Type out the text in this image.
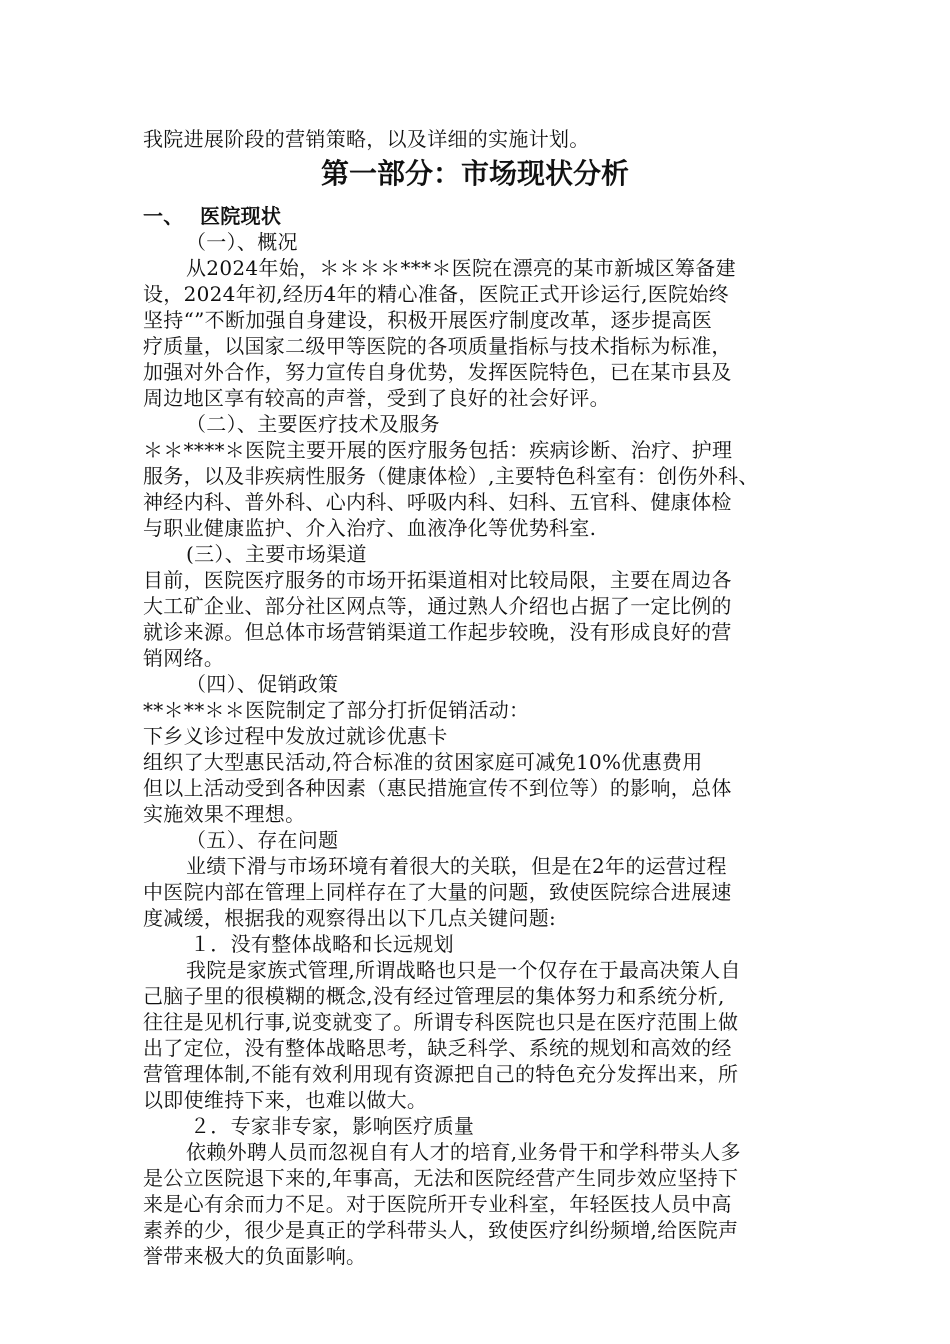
我院进展阶段的营销策略，以及详细的实施计划。
第一部分：市场现状分析
一、 医院现状
（一）、概况
从2024年始，＊＊＊＊***＊医院在漂亮的某市新城区筹备建
设，2024年初,经历4年的精心准备，医院正式开诊运行,医院始终
坚持“”不断加强自身建设，积极开展医疗制度改革，逐步提高医
疗质量，以国家二级甲等医院的各项质量指标与技术指标为标准，
加强对外合作，努力宣传自身优势，发挥医院特色，已在某市县及
周边地区享有较高的声誉，受到了良好的社会好评。
（二）、主要医疗技术及服务
＊＊****＊医院主要开展的医疗服务包括：疾病诊断、治疗、护理
服务，以及非疾病性服务（健康体检）,主要特色科室有：创伤外科、
神经内科、普外科、心内科、呼吸内科、妇科、五官科、健康体检
与职业健康监护、介入治疗、血液净化等优势科室.
(三）、主要市场渠道
目前，医院医疗服务的市场开拓渠道相对比较局限，主要在周边各
大工矿企业、部分社区网点等，通过熟人介绍也占据了一定比例的
就诊来源。但总体市场营销渠道工作起步较晚，没有形成良好的营
销网络。
（四）、促销政策
**＊**＊＊医院制定了部分打折促销活动：
下乡义诊过程中发放过就诊优惠卡
组织了大型惠民活动,符合标准的贫困家庭可减免10%优惠费用
但以上活动受到各种因素（惠民措施宣传不到位等）的影响，总体
实施效果不理想。
（五）、存在问题
业绩下滑与市场环境有着很大的关联，但是在2年的运营过程
中医院内部在管理上同样存在了大量的问题，致使医院综合进展速
度减缓，根据我的观察得出以下几点关键问题:
１．没有整体战略和长远规划
我院是家族式管理,所谓战略也只是一个仅存在于最高决策人自
己脑子里的很模糊的概念,没有经过管理层的集体努力和系统分析,
往往是见机行事,说变就变了。所谓专科医院也只是在医疗范围上做
出了定位，没有整体战略思考，缺乏科学、系统的规划和高效的经
营管理体制,不能有效利用现有资源把自己的特色充分发挥出来，所
以即使维持下来，也难以做大。
２．专家非专家，影响医疗质量
依赖外聘人员而忽视自有人才的培育,业务骨干和学科带头人多
是公立医院退下来的,年事高，无法和医院经营产生同步效应坚持下
来是心有余而力不足。对于医院所开专业科室，年轻医技人员中高
素养的少，很少是真正的学科带头人，致使医疗纠纷频增,给医院声
誉带来极大的负面影响。
